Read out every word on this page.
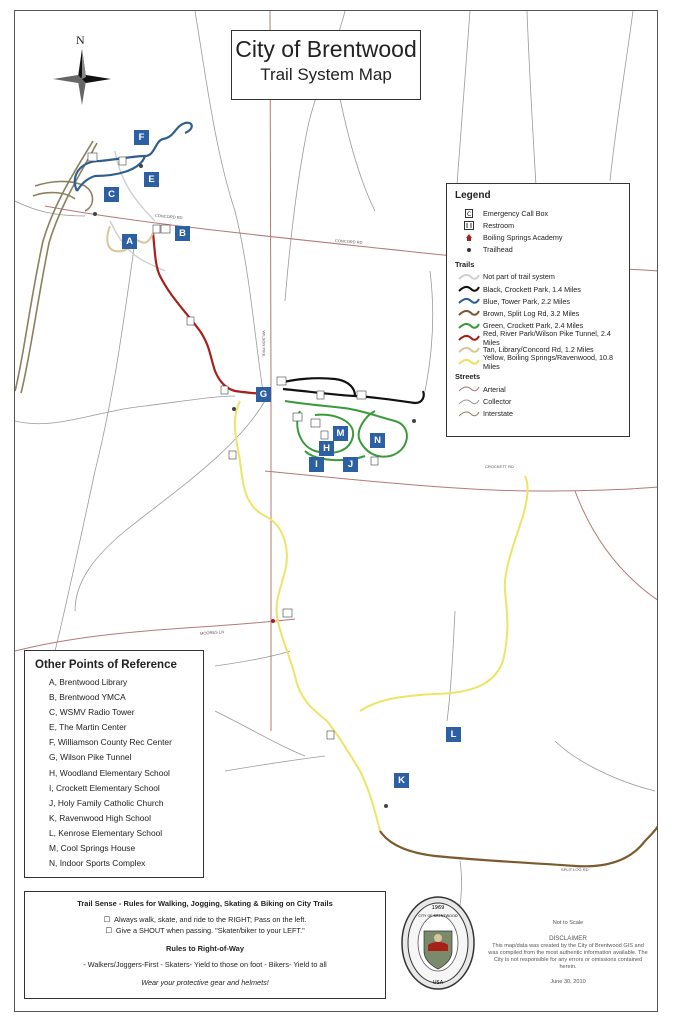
A
B
C
E
F
G
H
I	J
M
N
L
K
CONCORD RD
CONCORD RD
CROCKETT RD
SPLIT LOG RD
MOORES LN
WILSON PIKE
N	City of Brentwood
Trail System Map
Legend
C Emergency Call Box
Restroom
Boiling Springs Academy
Trailhead
Trails
Not part of trail system
Black, Crockett Park, 1.4 Miles
Blue, Tower Park, 2.2 Miles
Brown, Split Log Rd, 3.2 Miles
Green, Crockett Park, 2.4 Miles
Red, River Park/Wilson Pike Tunnel, 2.4 Miles
Tan, Library/Concord Rd, 1.2 Miles
Yellow, Boiling Springs/Ravenwood, 10.8 Miles
Streets
Arterial
Collector
Interstate
Other Points of Reference
A, Brentwood Library
B, Brentwood YMCA
C, WSMV Radio Tower
E, The Martin Center
F, Williamson County Rec Center
G, Wilson Pike Tunnel
H, Woodland Elementary School
I, Crockett Elementary School
J, Holy Family Catholic Church
K, Ravenwood High School
L, Kenrose Elementary School
M, Cool Springs House
N, Indoor Sports Complex
Trail Sense - Rules for Walking, Jogging, Skating & Biking on City Trails
☐  Always walk, skate, and ride to the RIGHT; Pass on the left.
☐  Give a SHOUT when passing. "Skater/biker to your LEFT."
Rules to Right-of-Way
- Walkers/Joggers-First - Skaters- Yield to those on foot - Bikers- Yield to all
Wear your protective gear and helmets!
1969
USA
CITY OF BRENTWOOD
Not to Scale
DISCLAIMER
This map/data was created by the City of Brentwood GIS and was compiled from the most authentic information available. The City is not responsible for any errors or omissions contained herein.
June 30, 2010
